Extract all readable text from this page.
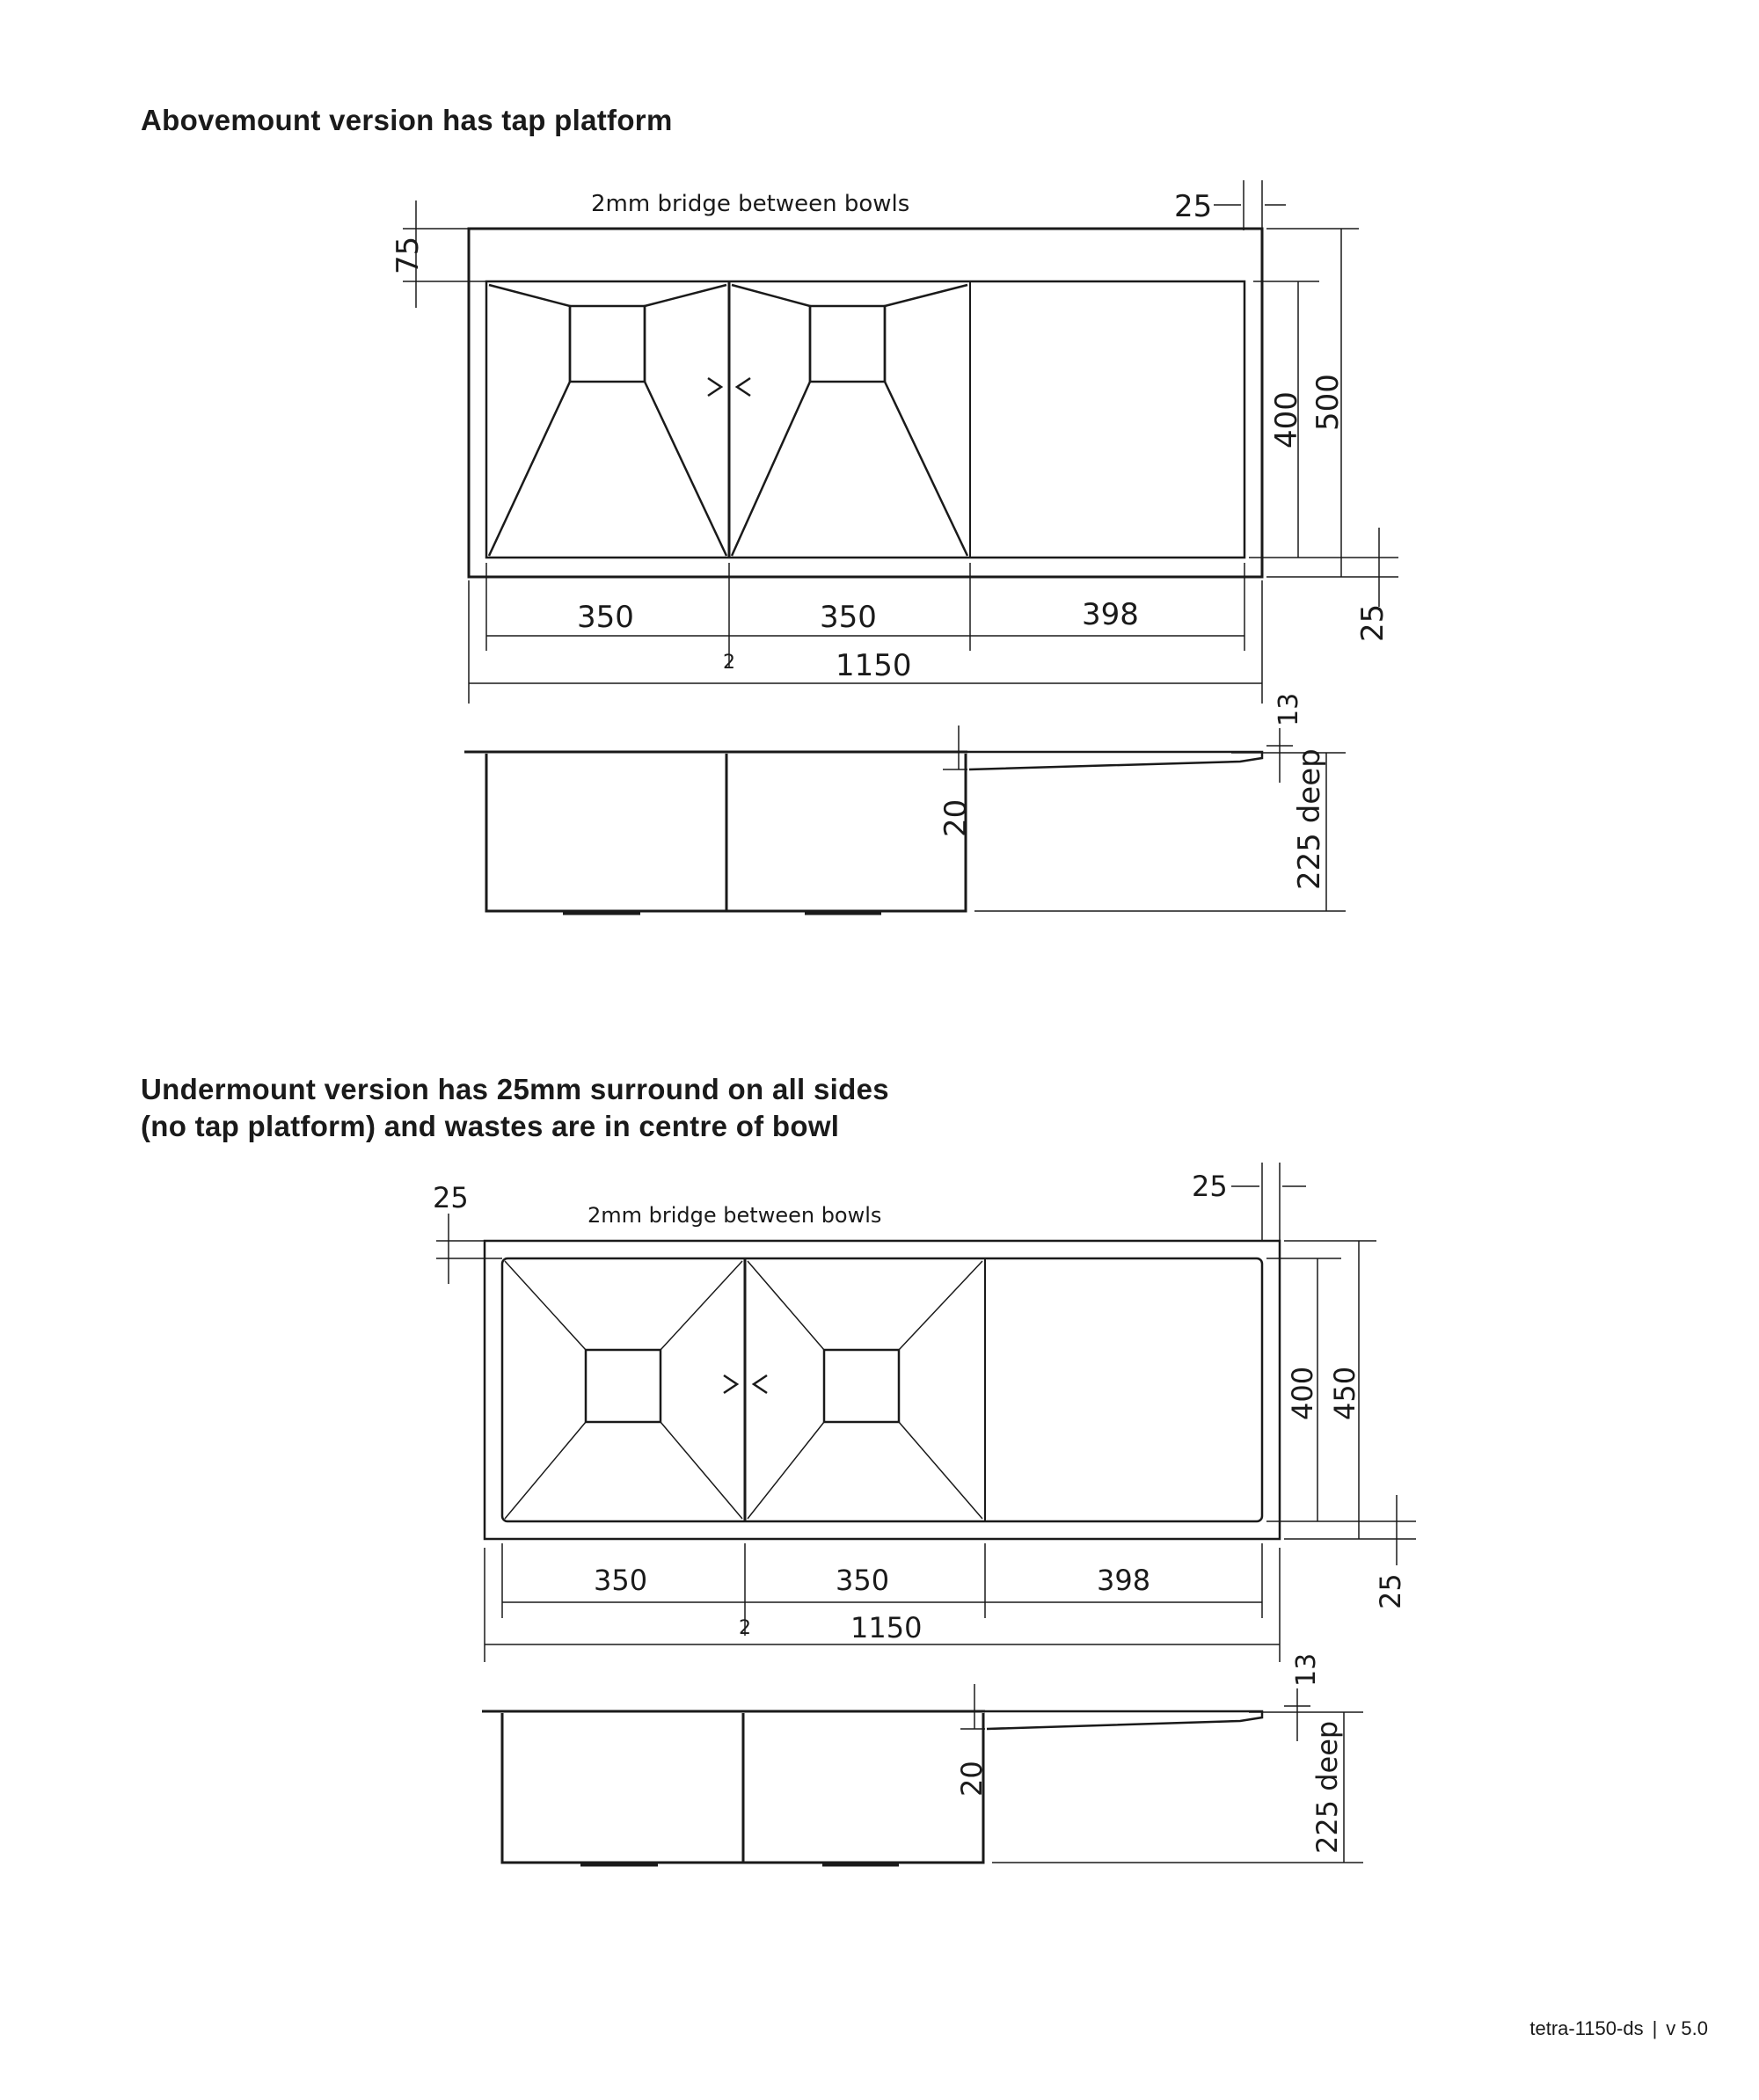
Abovemount version has tap platform
Undermount version has 25mm surround on all sides
(no tap platform) and wastes are in centre of bowl
2mm bridge between bowls
75
25
400 500
25
350	350	398
2	1150
13
20	225 deep
2mm bridge between bowls
25	25
400 450
25
350	350	398
2	1150
13
20	225 deep
tetra-1150-ds | v 5.0
